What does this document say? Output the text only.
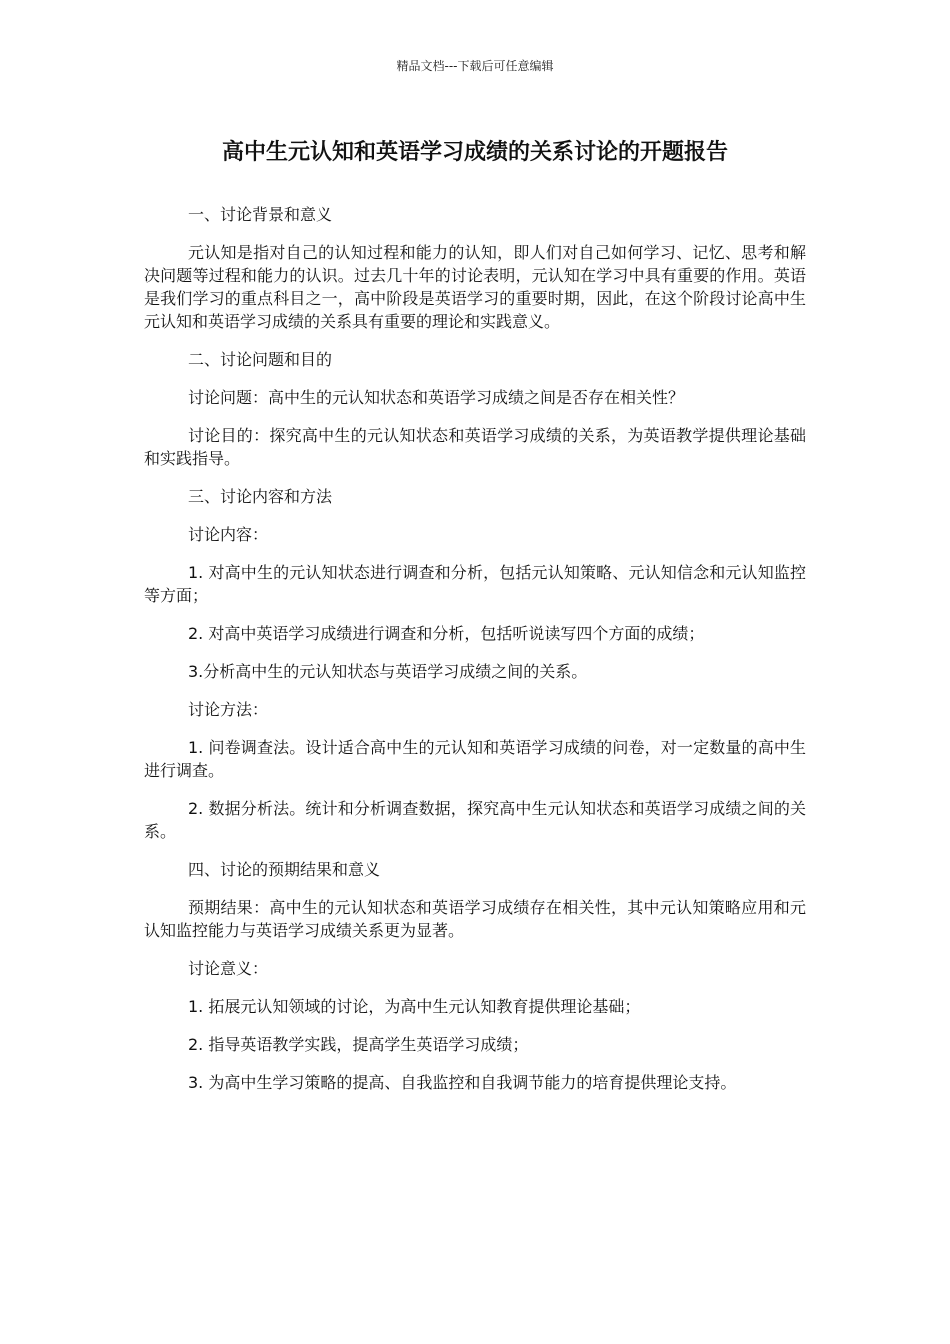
精品文档---下载后可任意编辑
高中生元认知和英语学习成绩的关系讨论的开题报告

一、讨论背景和意义

元认知是指对自己的认知过程和能力的认知，即人们对自己如何学习、记忆、思考和解决问题等过程和能力的认识。过去几十年的讨论表明，元认知在学习中具有重要的作用。英语是我们学习的重点科目之一，高中阶段是英语学习的重要时期，因此，在这个阶段讨论高中生元认知和英语学习成绩的关系具有重要的理论和实践意义。

二、讨论问题和目的

讨论问题：高中生的元认知状态和英语学习成绩之间是否存在相关性？

讨论目的：探究高中生的元认知状态和英语学习成绩的关系，为英语教学提供理论基础和实践指导。

三、讨论内容和方法

讨论内容：

1. 对高中生的元认知状态进行调查和分析，包括元认知策略、元认知信念和元认知监控等方面；

2. 对高中英语学习成绩进行调查和分析，包括听说读写四个方面的成绩；

3.分析高中生的元认知状态与英语学习成绩之间的关系。

讨论方法：

1. 问卷调查法。设计适合高中生的元认知和英语学习成绩的问卷，对一定数量的高中生进行调查。

2. 数据分析法。统计和分析调查数据，探究高中生元认知状态和英语学习成绩之间的关系。

四、讨论的预期结果和意义

预期结果：高中生的元认知状态和英语学习成绩存在相关性，其中元认知策略应用和元认知监控能力与英语学习成绩关系更为显著。

讨论意义：

1. 拓展元认知领域的讨论，为高中生元认知教育提供理论基础；

2. 指导英语教学实践，提高学生英语学习成绩；

3. 为高中生学习策略的提高、自我监控和自我调节能力的培育提供理论支持。
